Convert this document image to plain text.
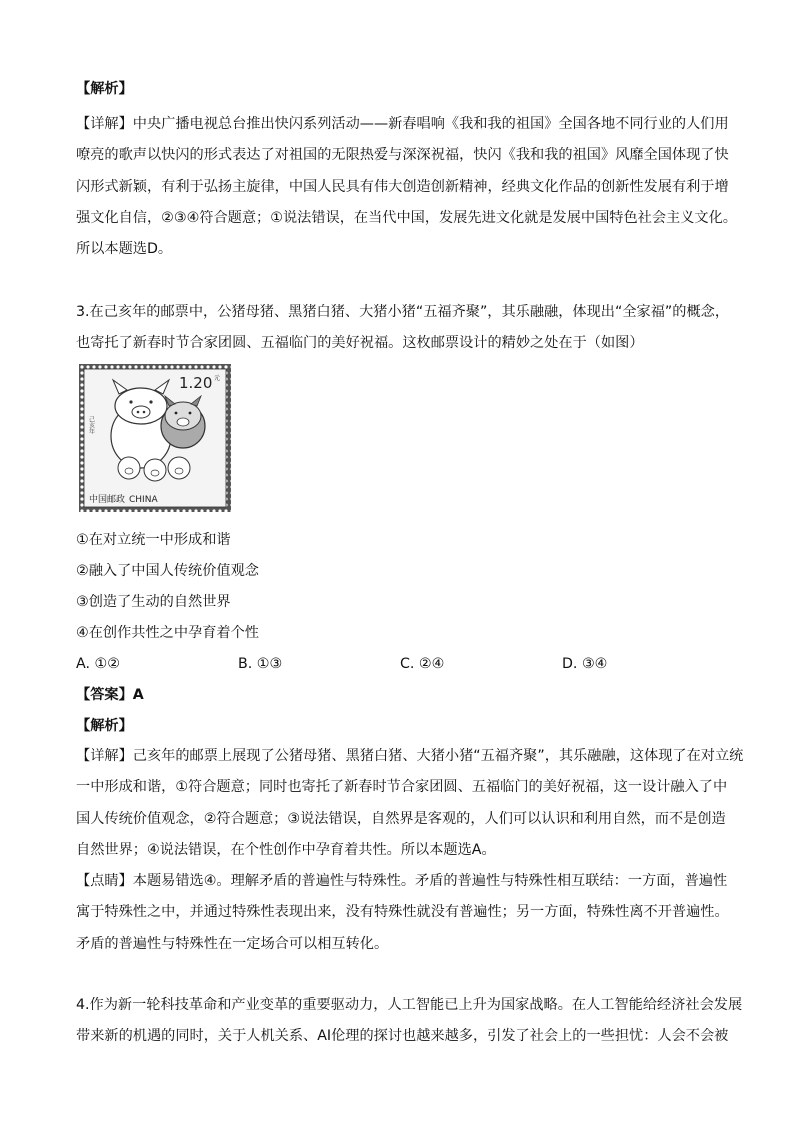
【解析】
【详解】中央广播电视总台推出快闪系列活动——新春唱响《我和我的祖国》全国各地不同行业的人们用
嘹亮的歌声以快闪的形式表达了对祖国的无限热爱与深深祝福，快闪《我和我的祖国》风靡全国体现了快
闪形式新颖，有利于弘扬主旋律，中国人民具有伟大创造创新精神，经典文化作品的创新性发展有利于增
强文化自信，②③④符合题意；①说法错误，在当代中国，发展先进文化就是发展中国特色社会主义文化。
所以本题选D。
3.在己亥年的邮票中，公猪母猪、黑猪白猪、大猪小猪“五福齐聚”，其乐融融，体现出“全家福”的概念，
也寄托了新春时节合家团圆、五福临门的美好祝福。这枚邮票设计的精妙之处在于（如图）
1.20 元
己亥年
中国邮政 CHINA
①在对立统一中形成和谐
②融入了中国人传统价值观念
③创造了生动的自然世界
④在创作共性之中孕育着个性
A. ①②	B. ①③	C. ②④	D. ③④
【答案】A
【解析】
【详解】己亥年的邮票上展现了公猪母猪、黑猪白猪、大猪小猪“五福齐聚”，其乐融融，这体现了在对立统
一中形成和谐，①符合题意；同时也寄托了新春时节合家团圆、五福临门的美好祝福，这一设计融入了中
国人传统价值观念，②符合题意；③说法错误，自然界是客观的，人们可以认识和利用自然，而不是创造
自然世界；④说法错误，在个性创作中孕育着共性。所以本题选A。
【点睛】本题易错选④。理解矛盾的普遍性与特殊性。矛盾的普遍性与特殊性相互联结：一方面，普遍性
寓于特殊性之中，并通过特殊性表现出来，没有特殊性就没有普遍性；另一方面，特殊性离不开普遍性。
矛盾的普遍性与特殊性在一定场合可以相互转化。
4.作为新一轮科技革命和产业变革的重要驱动力，人工智能已上升为国家战略。在人工智能给经济社会发展
带来新的机遇的同时，关于人机关系、AI伦理的探讨也越来越多，引发了社会上的一些担忧：人会不会被
